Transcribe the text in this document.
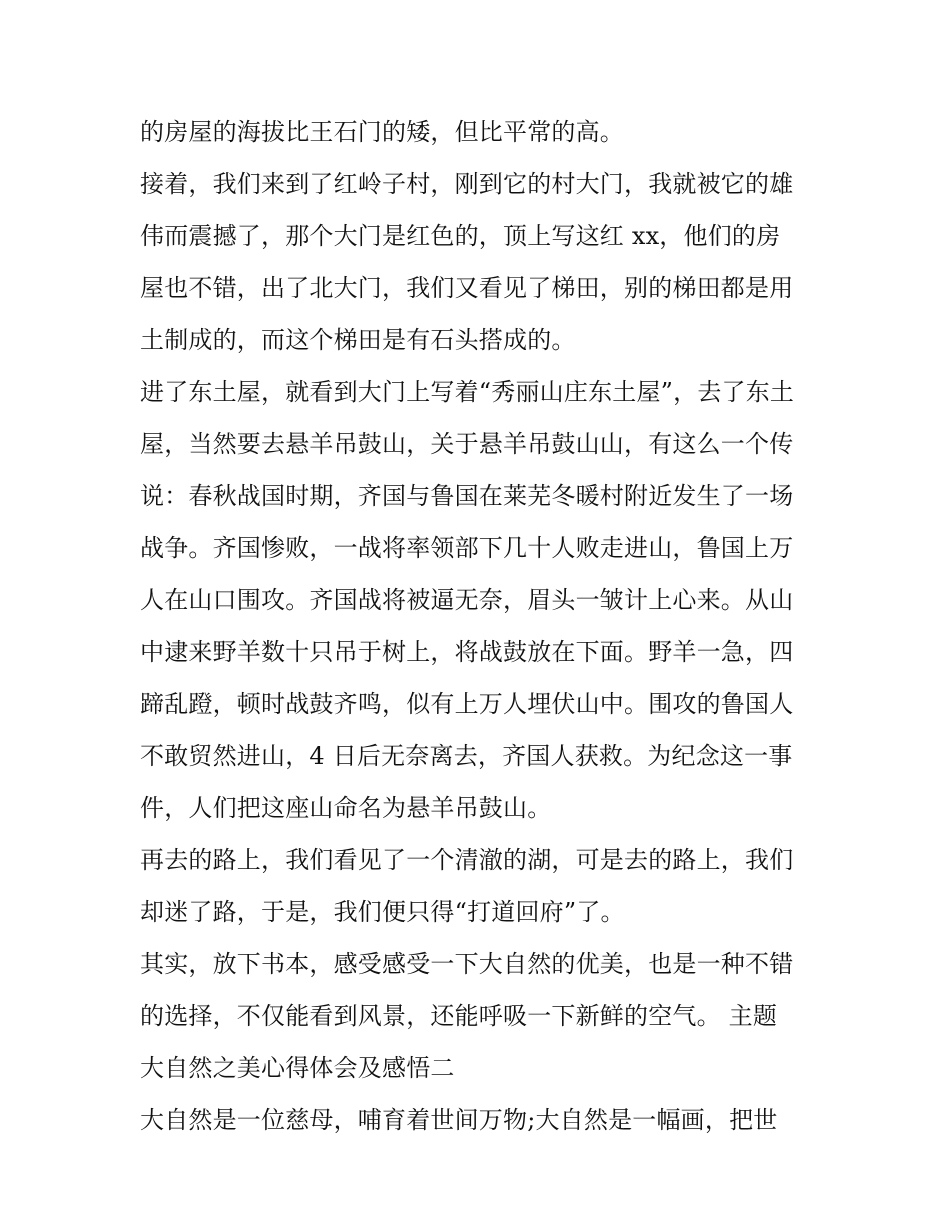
的房屋的海拔比王石门的矮，但比平常的高。
接着，我们来到了红岭子村，刚到它的村大门，我就被它的雄
伟而震撼了，那个大门是红色的，顶上写这红 xx，他们的房
屋也不错，出了北大门，我们又看见了梯田，别的梯田都是用
土制成的，而这个梯田是有石头搭成的。
进了东土屋，就看到大门上写着“秀丽山庄东土屋”，去了东土
屋，当然要去悬羊吊鼓山，关于悬羊吊鼓山山，有这么一个传
说：春秋战国时期，齐国与鲁国在莱芜冬暖村附近发生了一场
战争。齐国惨败，一战将率领部下几十人败走进山，鲁国上万
人在山口围攻。齐国战将被逼无奈，眉头一皱计上心来。从山
中逮来野羊数十只吊于树上，将战鼓放在下面。野羊一急，四
蹄乱蹬，顿时战鼓齐鸣，似有上万人埋伏山中。围攻的鲁国人
不敢贸然进山，4 日后无奈离去，齐国人获救。为纪念这一事
件，人们把这座山命名为悬羊吊鼓山。
再去的路上，我们看见了一个清澈的湖，可是去的路上，我们
却迷了路，于是，我们便只得“打道回府”了。
其实，放下书本，感受感受一下大自然的优美，也是一种不错
的选择，不仅能看到风景，还能呼吸一下新鲜的空气。 主题
大自然之美心得体会及感悟二
大自然是一位慈母，哺育着世间万物;大自然是一幅画，把世
